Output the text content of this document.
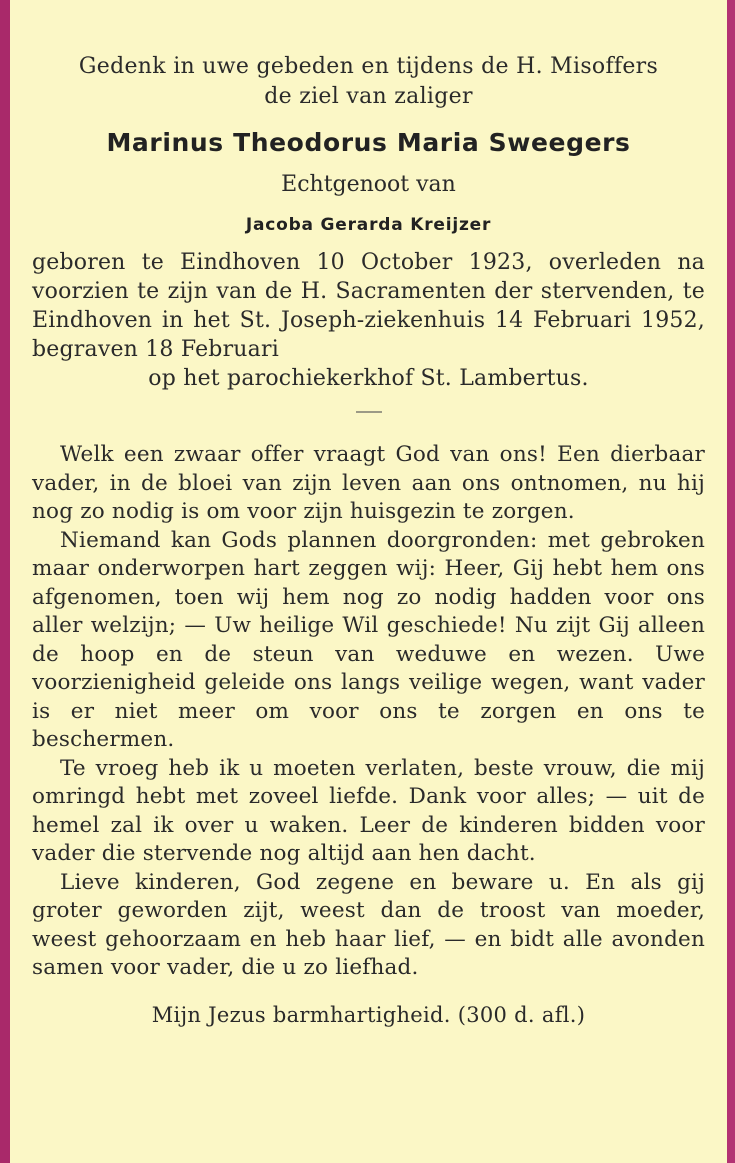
Gedenk in uwe gebeden en tijdens de H. Misoffers
de ziel van zaliger
Marinus Theodorus Maria Sweegers
Echtgenoot van
Jacoba Gerarda Kreijzer
geboren te Eindhoven 10 October 1923, overleden na voorzien te zijn van de H. Sacramenten der stervenden, te Eindhoven in het St. Joseph-ziekenhuis 14 Februari 1952, begraven 18 Februari
op het parochiekerkhof St. Lambertus.

Welk een zwaar offer vraagt God van ons! Een dierbaar vader, in de bloei van zijn leven aan ons ontnomen, nu hij nog zo nodig is om voor zijn huisgezin te zorgen.

Niemand kan Gods plannen doorgronden: met gebroken maar onderworpen hart zeggen wij: Heer, Gij hebt hem ons afgenomen, toen wij hem nog zo nodig hadden voor ons aller welzijn; — Uw heilige Wil geschiede! Nu zijt Gij alleen de hoop en de steun van weduwe en wezen. Uwe voorzienigheid geleide ons langs veilige wegen, want vader is er niet meer om voor ons te zorgen en ons te beschermen.

Te vroeg heb ik u moeten verlaten, beste vrouw, die mij omringd hebt met zoveel liefde. Dank voor alles; — uit de hemel zal ik over u waken. Leer de kinderen bidden voor vader die stervende nog altijd aan hen dacht.

Lieve kinderen, God zegene en beware u. En als gij groter geworden zijt, weest dan de troost van moeder, weest gehoorzaam en heb haar lief, — en bidt alle avonden samen voor vader, die u zo liefhad.

Mijn Jezus barmhartigheid. (300 d. afl.)
